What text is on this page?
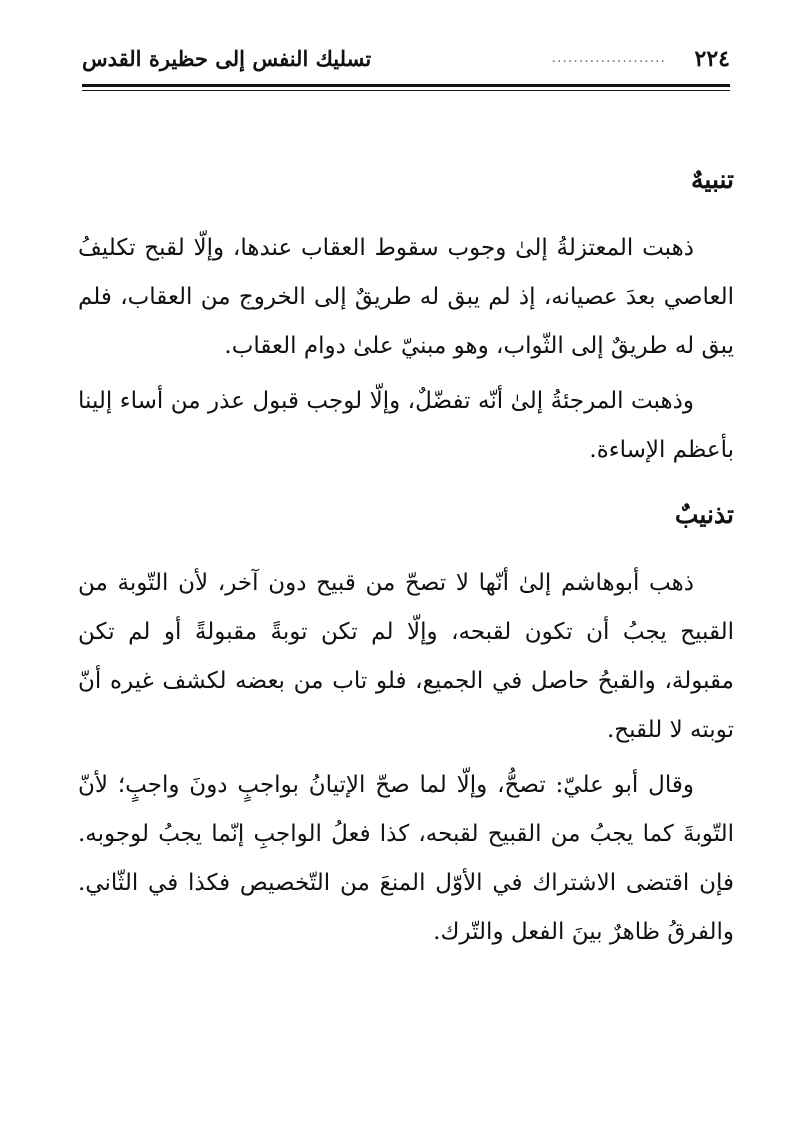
٢٢٤
.....................
تسليك النفس إلى حظيرة القدس
تنبيهٌ

ذهبت المعتزلةُ إلىٰ وجوب سقوط العقاب عندها، وإلّا لقبح تكليفُ العاصي بعدَ عصيانه، إذ لم يبق له طريقٌ إلى الخروج من العقاب، فلم يبق له طريقٌ إلى الثّواب، وهو مبنيّ علىٰ دوام العقاب.

وذهبت المرجئةُ إلىٰ أنّه تفضّلٌ، وإلّا لوجب قبول عذر من أساء إلينا بأعظم الإساءة.

تذنيبٌ

ذهب أبوهاشم إلىٰ أنّها لا تصحّ من قبيح دون آخر، لأن التّوبة من القبيح يجبُ أن تكون لقبحه، وإلّا لم تكن توبةً مقبولةً أو لم تكن مقبولة، والقبحُ حاصل في الجميع، فلو تاب من بعضه لكشف غيره أنّ توبته لا للقبح.

وقال أبو عليّ: تصحُّ، وإلّا لما صحّ الإتيانُ بواجبٍ دونَ واجبٍ؛ لأنّ التّوبةَ كما يجبُ من القبيح لقبحه، كذا فعلُ الواجبِ إنّما يجبُ لوجوبه. فإن اقتضى الاشتراك في الأوّل المنعَ من التّخصيص فكذا في الثّاني. والفرقُ ظاهرٌ بينَ الفعل والتّرك.
